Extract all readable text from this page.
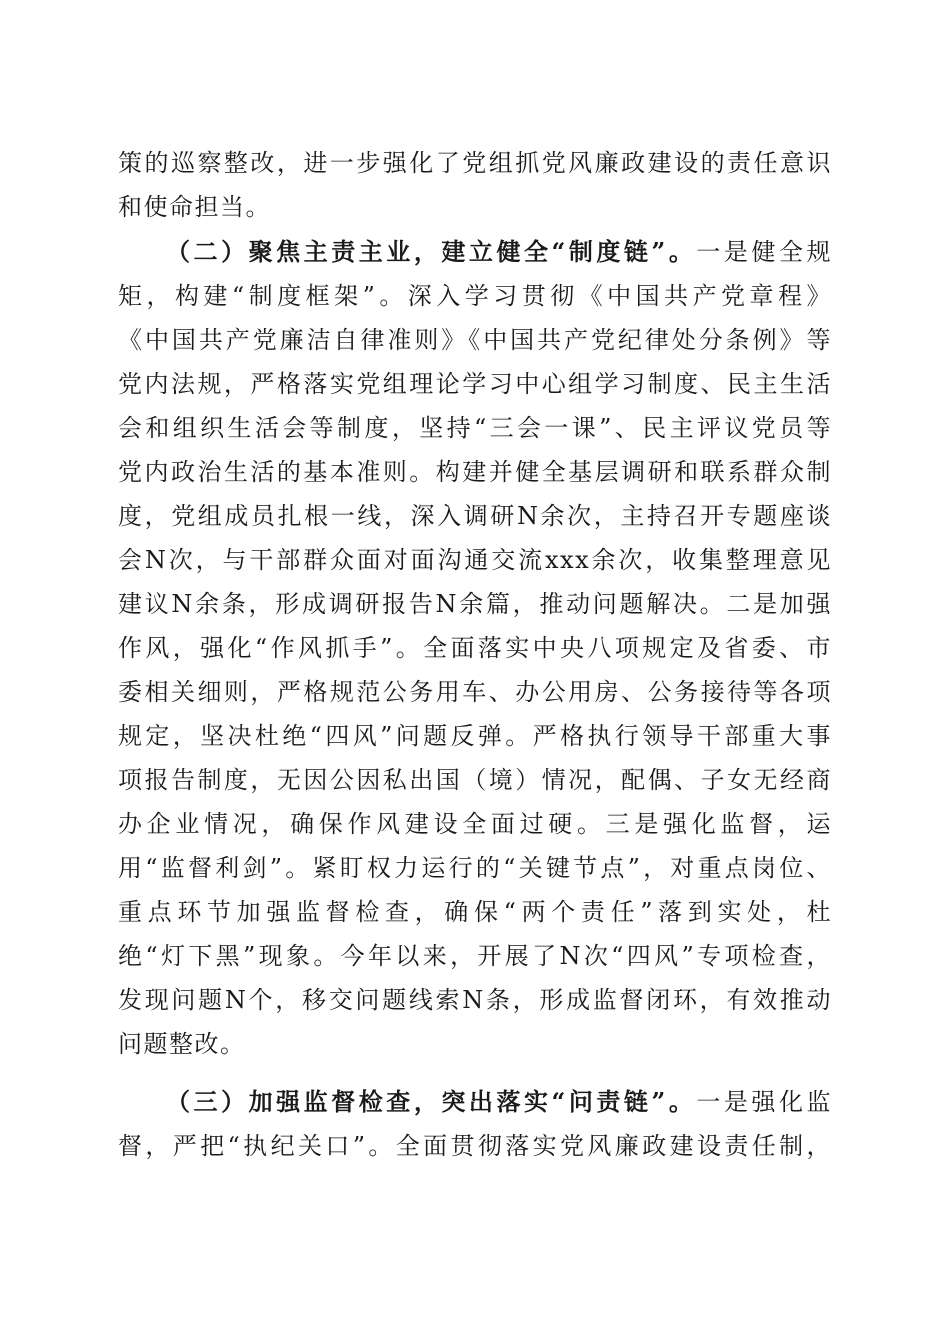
策的巡察整改，进一步强化了党组抓党风廉政建设的责任意识
和使命担当。
（二）聚焦主责主业，建立健全“制度链”。一是健全规
矩，构建“制度框架”。深入学习贯彻《中国共产党章程》
《中国共产党廉洁自律准则》《中国共产党纪律处分条例》等
党内法规，严格落实党组理论学习中心组学习制度、民主生活
会和组织生活会等制度，坚持“三会一课”、民主评议党员等
党内政治生活的基本准则。构建并健全基层调研和联系群众制
度，党组成员扎根一线，深入调研N余次，主持召开专题座谈
会N次，与干部群众面对面沟通交流xxx余次，收集整理意见
建议N余条，形成调研报告N余篇，推动问题解决。二是加强
作风，强化“作风抓手”。全面落实中央八项规定及省委、市
委相关细则，严格规范公务用车、办公用房、公务接待等各项
规定，坚决杜绝“四风”问题反弹。严格执行领导干部重大事
项报告制度，无因公因私出国（境）情况，配偶、子女无经商
办企业情况，确保作风建设全面过硬。三是强化监督，运
用“监督利剑”。紧盯权力运行的“关键节点”，对重点岗位、
重点环节加强监督检查，确保“两个责任”落到实处，杜
绝“灯下黑”现象。今年以来，开展了N次“四风”专项检查，
发现问题N个，移交问题线索N条，形成监督闭环，有效推动
问题整改。
（三）加强监督检查，突出落实“问责链”。一是强化监
督，严把“执纪关口”。全面贯彻落实党风廉政建设责任制，
